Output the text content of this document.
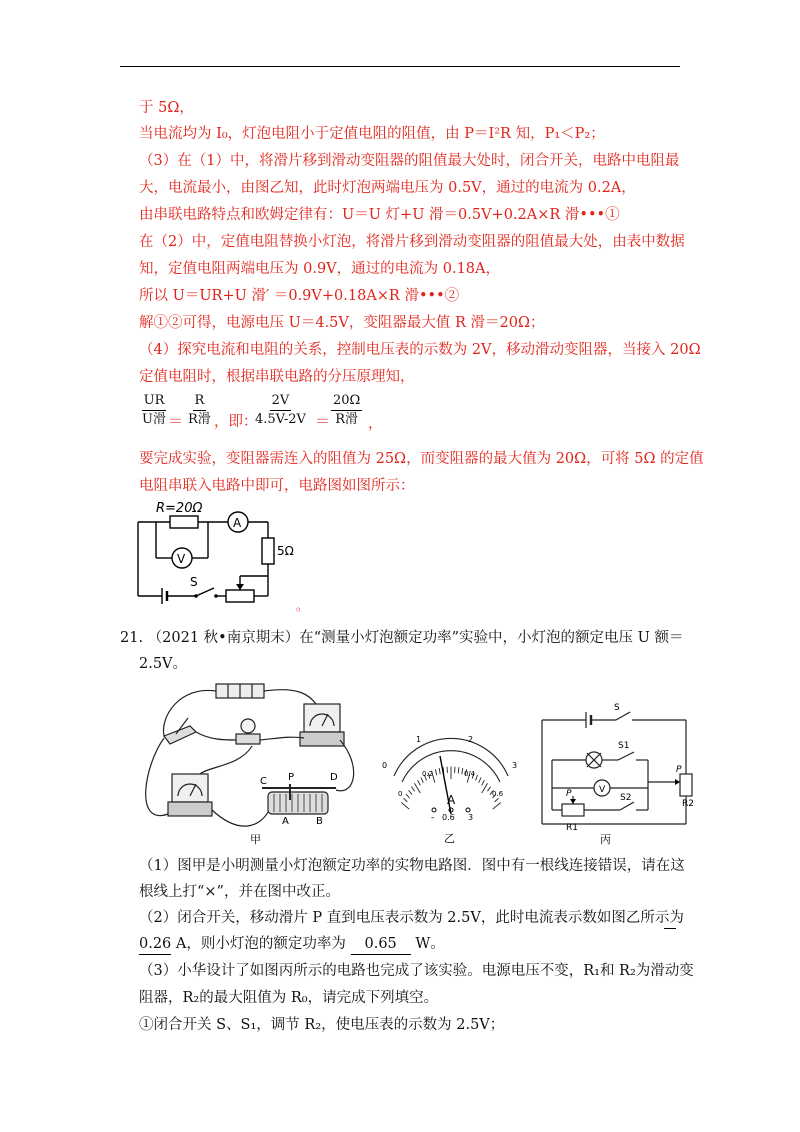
于 5Ω，
当电流均为 I₀，灯泡电阻小于定值电阻的阻值，由 P＝I²R 知，P₁＜P₂；
（3）在（1）中，将滑片移到滑动变阻器的阻值最大处时，闭合开关，电路中电阻最
大，电流最小，由图乙知，此时灯泡两端电压为 0.5V，通过的电流为 0.2A，
由串联电路特点和欧姆定律有：U＝U 灯+U 滑＝0.5V+0.2A×R 滑•••①
在（2）中，定值电阻替换小灯泡，将滑片移到滑动变阻器的阻值最大处，由表中数据
知，定值电阻两端电压为 0.9V，通过的电流为 0.18A，
所以 U＝UR+U 滑′ ＝0.9V+0.18A×R 滑•••②
解①②可得，电源电压 U＝4.5V，变阻器最大值 R 滑＝20Ω；
（4）探究电流和电阻的关系，控制电压表的示数为 2V，移动滑动变阻器，当接入 20Ω
定值电阻时，根据串联电路的分压原理知，
UR
U滑 ＝
R
R滑 ，即：
$\frac{2V}{4.5V-2V}$ ＝
20Ω
R滑 ，
要完成实验，变阻器需连入的阻值为 25Ω，而变阻器的最大值为 20Ω，可将 5Ω 的定值
电阻串联入电路中即可，电路图如图所示：
R=20Ω
A
V
5Ω
S
。
21. （2021 秋•南京期末）在“测量小灯泡额定功率”实验中，小灯泡的额定电压 U 额＝
2.5V。
C P	D
A	B
甲
0
1	2
3
0
0.2	0.4
0.6
A
- 0.6 3
乙
S
S1
V
S2
P
R2
P
R1
丙
（1）图甲是小明测量小灯泡额定功率的实物电路图．图中有一根线连接错误，请在这
根线上打“×”，并在图中改正。
（2）闭合开关，移动滑片 P 直到电压表示数为 2.5V，此时电流表示数如图乙所示为

0.26 A，则小灯泡的额定功率为 0.65 W。
（3）小华设计了如图丙所示的电路也完成了该实验。电源电压不变，R₁和 R₂为滑动变
阻器，R₂的最大阻值为 R₀，请完成下列填空。
①闭合开关 S、S₁，调节 R₂，使电压表的示数为 2.5V；
